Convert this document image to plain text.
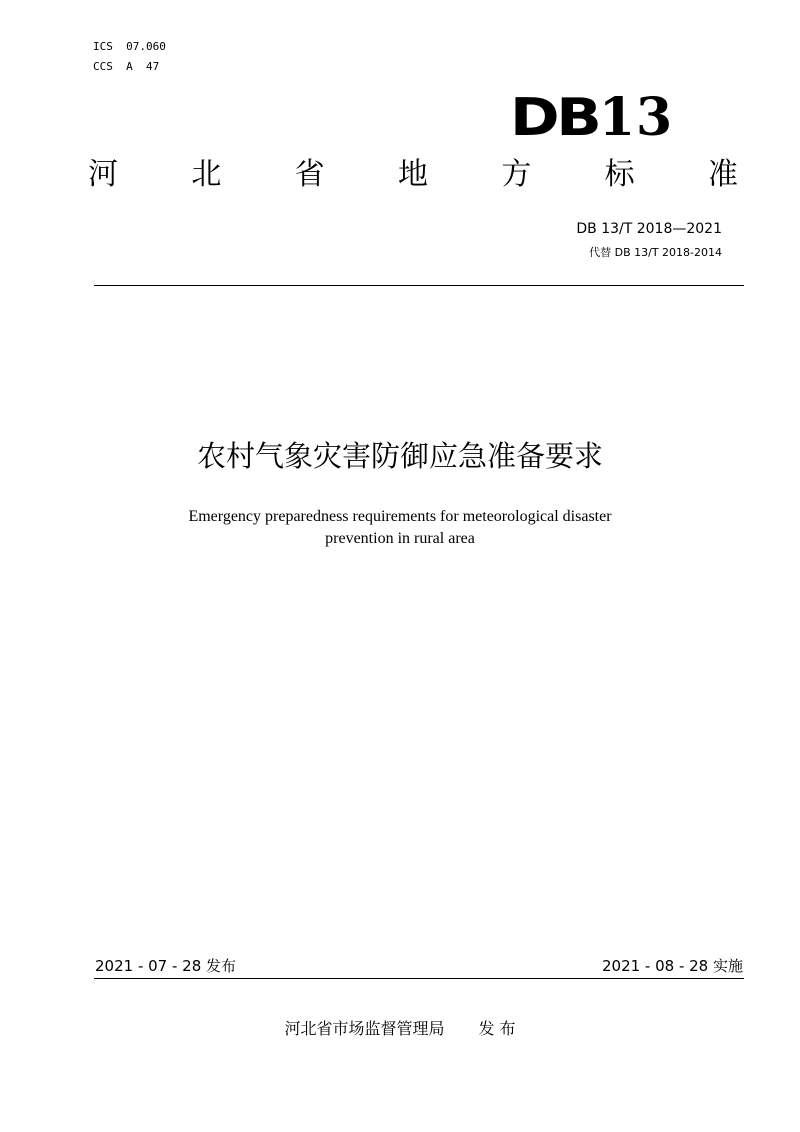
ICS  07.060
CCS  A  47
DB 13
河 北 省 地 方 标 准
DB 13/T 2018—2021
代替 DB 13/T 2018-2014
农村气象灾害防御应急准备要求
Emergency preparedness requirements for meteorological disaster
prevention in rural area
2021 - 07 - 28 发布	2021 - 08 - 28 实施
河北省市场监督管理局 发 布
